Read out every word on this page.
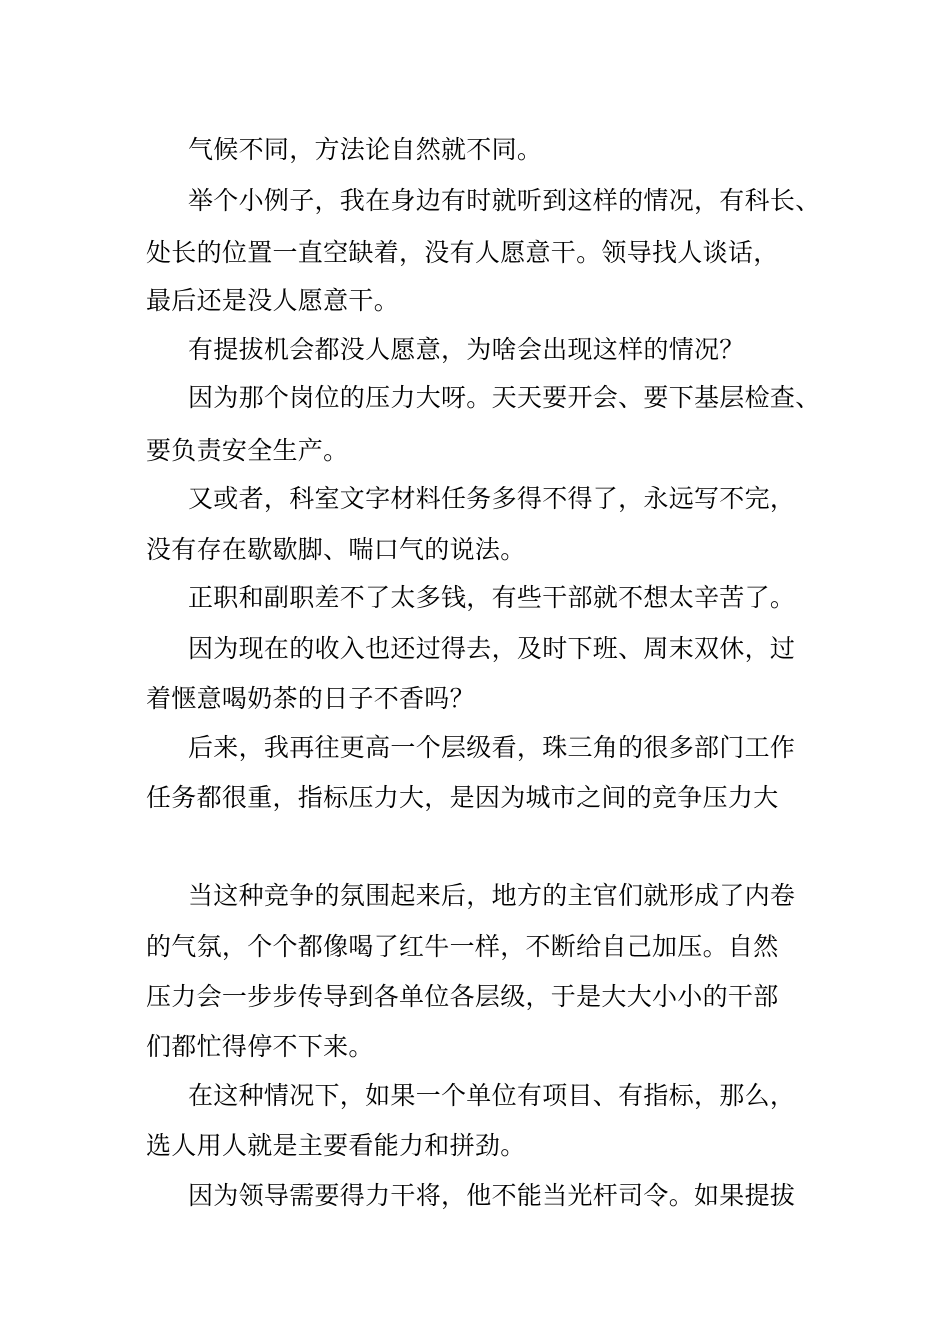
气候不同，方法论自然就不同。

举个小例子，我在身边有时就听到这样的情况，有科长、

处长的位置一直空缺着，没有人愿意干。领导找人谈话，

最后还是没人愿意干。

有提拔机会都没人愿意，为啥会出现这样的情况？

因为那个岗位的压力大呀。天天要开会、要下基层检查、

要负责安全生产。

又或者，科室文字材料任务多得不得了，永远写不完，

没有存在歇歇脚、喘口气的说法。

正职和副职差不了太多钱，有些干部就不想太辛苦了。

因为现在的收入也还过得去，及时下班、周末双休，过

着惬意喝奶茶的日子不香吗？

后来，我再往更高一个层级看，珠三角的很多部门工作

任务都很重，指标压力大，是因为城市之间的竞争压力大

当这种竞争的氛围起来后，地方的主官们就形成了内卷

的气氛，个个都像喝了红牛一样，不断给自己加压。自然

压力会一步步传导到各单位各层级，于是大大小小的干部

们都忙得停不下来。

在这种情况下，如果一个单位有项目、有指标，那么，

选人用人就是主要看能力和拼劲。

因为领导需要得力干将，他不能当光杆司令。如果提拔
